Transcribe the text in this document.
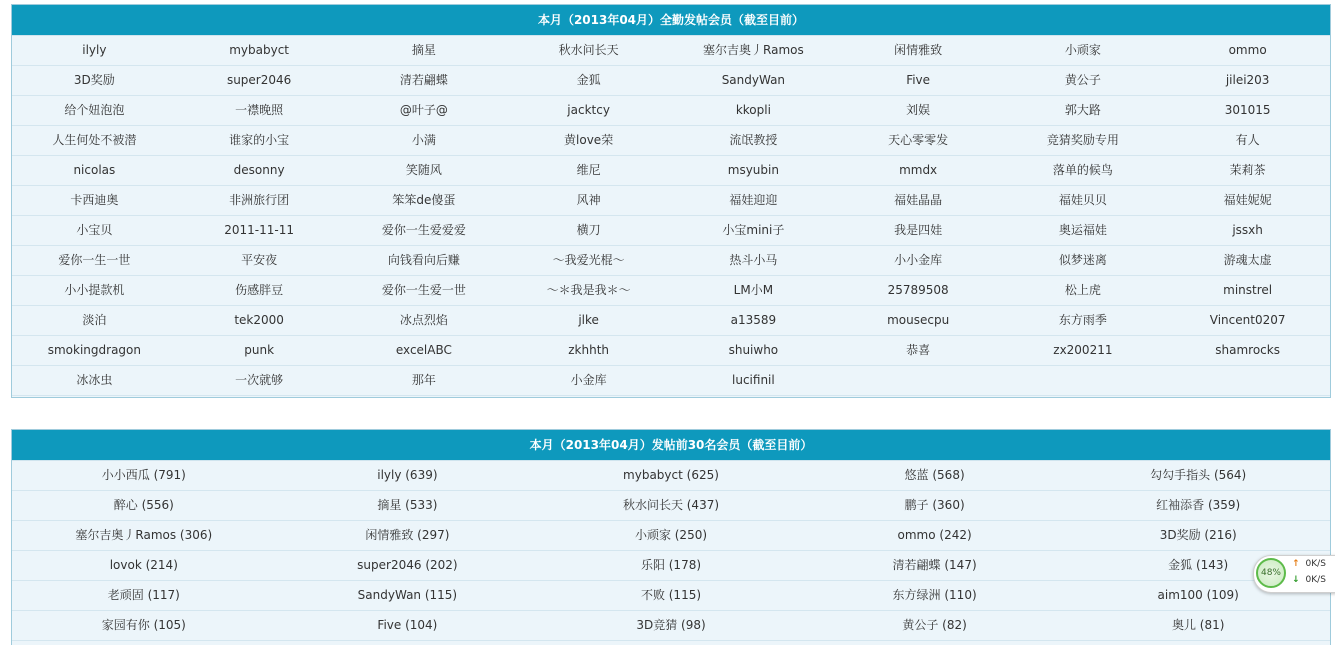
本月（2013年04月）全勤发帖会员（截至目前）
ilyly	mybabyct	摘星	秋水问长天	塞尔吉奥丿Ramos	闲情雅致	小顽家	ommo
3D奖励	super2046	清若翩蝶	金狐	SandyWan	Five	黄公子	jilei203
给个妞泡泡	一襟晚照	@叶子@	jacktcy	kkopli	刘娱	郭大路	301015
人生何处不被潜	谁家的小宝	小满	黄love荣	流氓教授	天心零零发	竞猜奖励专用	有人
nicolas	desonny	笑随风	维尼	msyubin	mmdx	落单的候鸟	茉莉茶
卡西迪奥	非洲旅行团	笨笨de傻蛋	风神	福娃迎迎	福娃晶晶	福娃贝贝	福娃妮妮
小宝贝	2011-11-11	爱你一生爱爱爱	横刀	小宝mini子	我是四娃	奥运福娃	jssxh
爱你一生一世	平安夜	向钱看向后赚	～我爱光棍～	热斗小马	小小金库	似梦迷离	游魂太虚
小小提款机	伤感胖豆	爱你一生爱一世	～＊我是我＊～	LM小M	25789508	松上虎	minstrel
淡泊	tek2000	冰点烈焰	jlke	a13589	mousecpu	东方雨季	Vincent0207
smokingdragon	punk	excelABC	zkhhth	shuiwho	恭喜	zx200211	shamrocks
冰冰虫	一次就够	那年	小金库	lucifinil
本月（2013年04月）发帖前30名会员（截至目前）
小小西瓜 (791)	ilyly (639)	mybabyct (625)	悠蓝 (568)	勾勾手指头 (564)
醉心 (556)	摘星 (533)	秋水问长天 (437)	鹏子 (360)	红袖添香 (359)
塞尔吉奥丿Ramos (306)	闲情雅致 (297)	小顽家 (250)	ommo (242)	3D奖励 (216)
lovok (214)	super2046 (202)	乐阳 (178)	清若翩蝶 (147)	金狐 (143)
老顽固 (117)	SandyWan (115)	不败 (115)	东方绿洲 (110)	aim100 (109)
家园有你 (105)	Five (104)	3D竞猜 (98)	黄公子 (82)	奥儿 (81)
48%
↑ 0K/S
↓ 0K/S
